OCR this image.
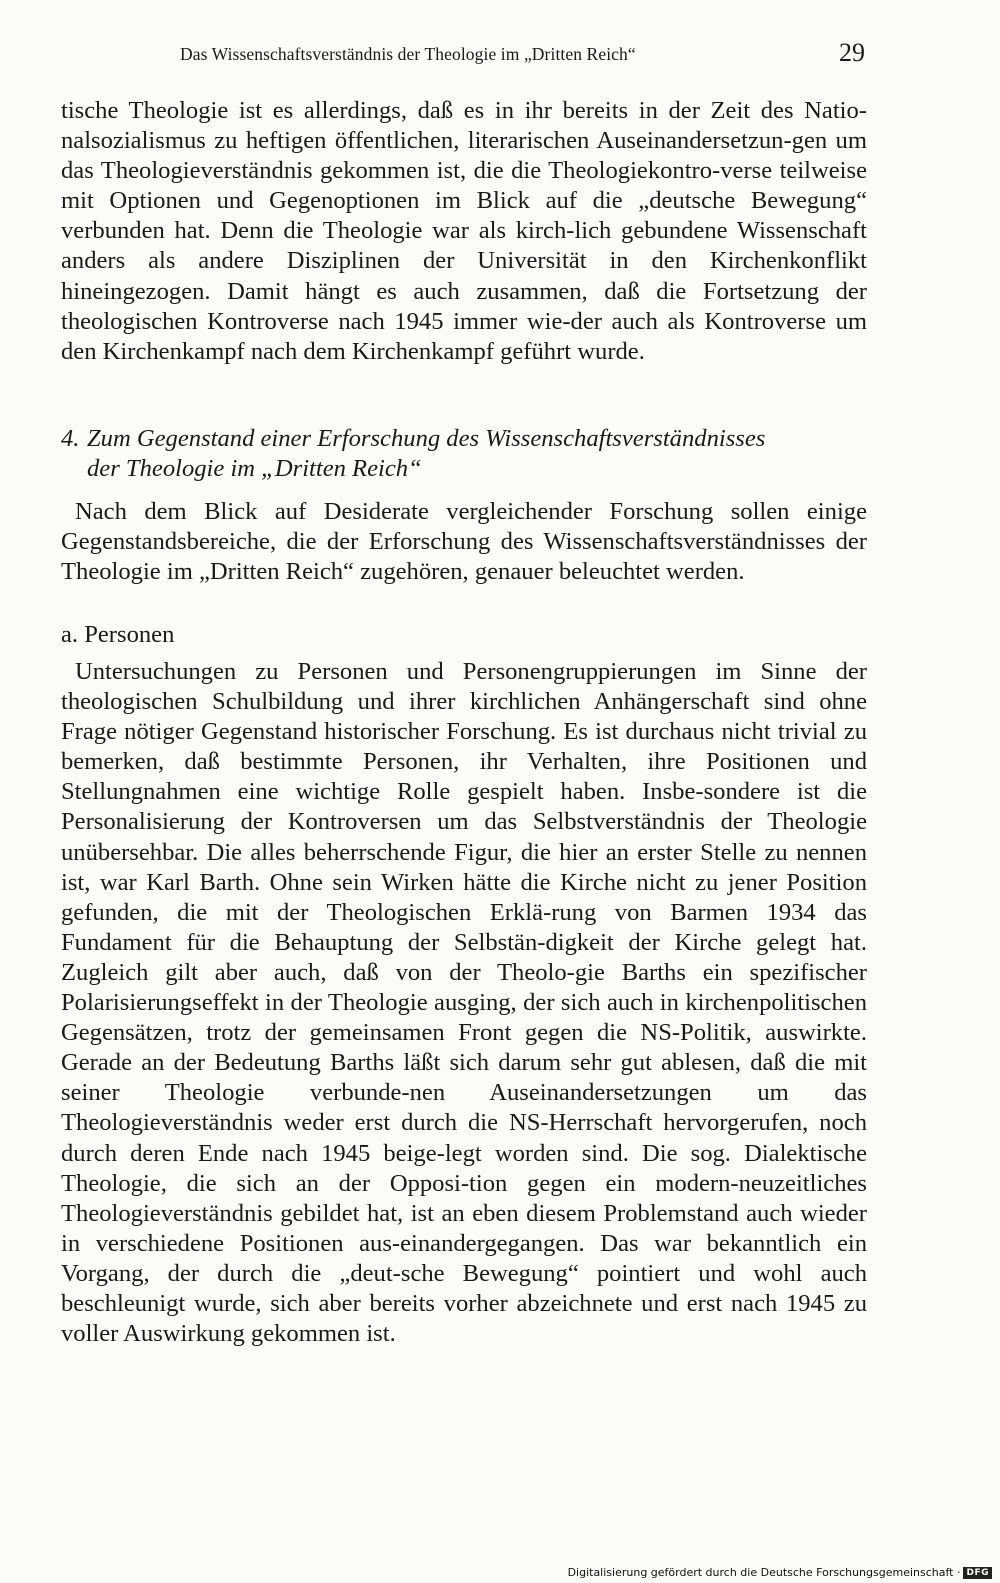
Das Wissenschaftsverständnis der Theologie im „Dritten Reich“	29

tische Theologie ist es allerdings, daß es in ihr bereits in der Zeit des Natio-nalsozialismus zu heftigen öffentlichen, literarischen Auseinandersetzun-gen um das Theologieverständnis gekommen ist, die die Theologiekontro-verse teilweise mit Optionen und Gegenoptionen im Blick auf die „deutsche Bewegung“ verbunden hat. Denn die Theologie war als kirch-lich gebundene Wissenschaft anders als andere Disziplinen der Universität in den Kirchenkonflikt hineingezogen. Damit hängt es auch zusammen, daß die Fortsetzung der theologischen Kontroverse nach 1945 immer wie-der auch als Kontroverse um den Kirchenkampf nach dem Kirchenkampf geführt wurde.

4. Zum Gegenstand einer Erforschung des Wissenschaftsverständnisses
der Theologie im „Dritten Reich“

Nach dem Blick auf Desiderate vergleichender Forschung sollen einige Gegenstandsbereiche, die der Erforschung des Wissenschaftsverständnisses der Theologie im „Dritten Reich“ zugehören, genauer beleuchtet werden.

a. Personen

Untersuchungen zu Personen und Personengruppierungen im Sinne der theologischen Schulbildung und ihrer kirchlichen Anhängerschaft sind ohne Frage nötiger Gegenstand historischer Forschung. Es ist durchaus nicht trivial zu bemerken, daß bestimmte Personen, ihr Verhalten, ihre Positionen und Stellungnahmen eine wichtige Rolle gespielt haben. Insbe-sondere ist die Personalisierung der Kontroversen um das Selbstverständnis der Theologie unübersehbar. Die alles beherrschende Figur, die hier an erster Stelle zu nennen ist, war Karl Barth. Ohne sein Wirken hätte die Kirche nicht zu jener Position gefunden, die mit der Theologischen Erklä-rung von Barmen 1934 das Fundament für die Behauptung der Selbstän-digkeit der Kirche gelegt hat. Zugleich gilt aber auch, daß von der Theolo-gie Barths ein spezifischer Polarisierungseffekt in der Theologie ausging, der sich auch in kirchenpolitischen Gegensätzen, trotz der gemeinsamen Front gegen die NS-Politik, auswirkte. Gerade an der Bedeutung Barths läßt sich darum sehr gut ablesen, daß die mit seiner Theologie verbunde-nen Auseinandersetzungen um das Theologieverständnis weder erst durch die NS-Herrschaft hervorgerufen, noch durch deren Ende nach 1945 beige-legt worden sind. Die sog. Dialektische Theologie, die sich an der Opposi-tion gegen ein modern-neuzeitliches Theologieverständnis gebildet hat, ist an eben diesem Problemstand auch wieder in verschiedene Positionen aus-einandergegangen. Das war bekanntlich ein Vorgang, der durch die „deut-sche Bewegung“ pointiert und wohl auch beschleunigt wurde, sich aber bereits vorher abzeichnete und erst nach 1945 zu voller Auswirkung gekommen ist.

Digitalisierung gefördert durch die Deutsche Forschungsgemeinschaft · DFG
